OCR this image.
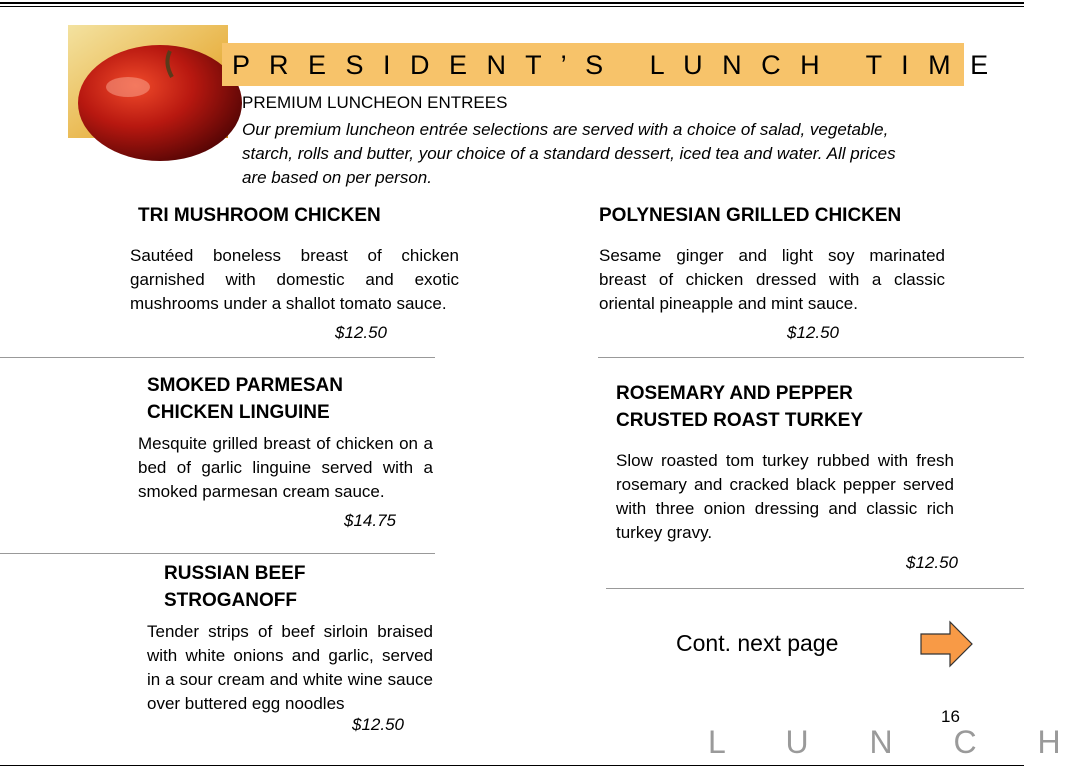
P R E S I D E N T ’ S   L U N C H   T I M E
PREMIUM LUNCHEON ENTREES
Our premium luncheon entrée selections are served with a choice of salad, vegetable, starch, rolls and butter, your choice of a standard dessert, iced tea and water. All prices are based on per person.
TRI MUSHROOM CHICKEN
Sautéed boneless breast of chicken garnished with domestic and exotic mushrooms under a shallot tomato sauce.
$12.50
POLYNESIAN GRILLED CHICKEN
Sesame ginger and light soy marinated breast of chicken dressed with a classic oriental pineapple and mint sauce.
$12.50
SMOKED PARMESAN CHICKEN LINGUINE
Mesquite grilled breast of chicken on a bed of garlic linguine served with a smoked parmesan cream sauce.
$14.75
ROSEMARY AND PEPPER CRUSTED ROAST TURKEY
Slow roasted tom turkey rubbed with fresh rosemary and cracked black pepper served with three onion dressing and classic rich turkey gravy.
$12.50
RUSSIAN BEEF STROGANOFF
Tender strips of beef sirloin braised with white onions and garlic, served in a sour cream and white wine sauce over buttered egg noodles
$12.50
Cont. next page
16
L U N C H
